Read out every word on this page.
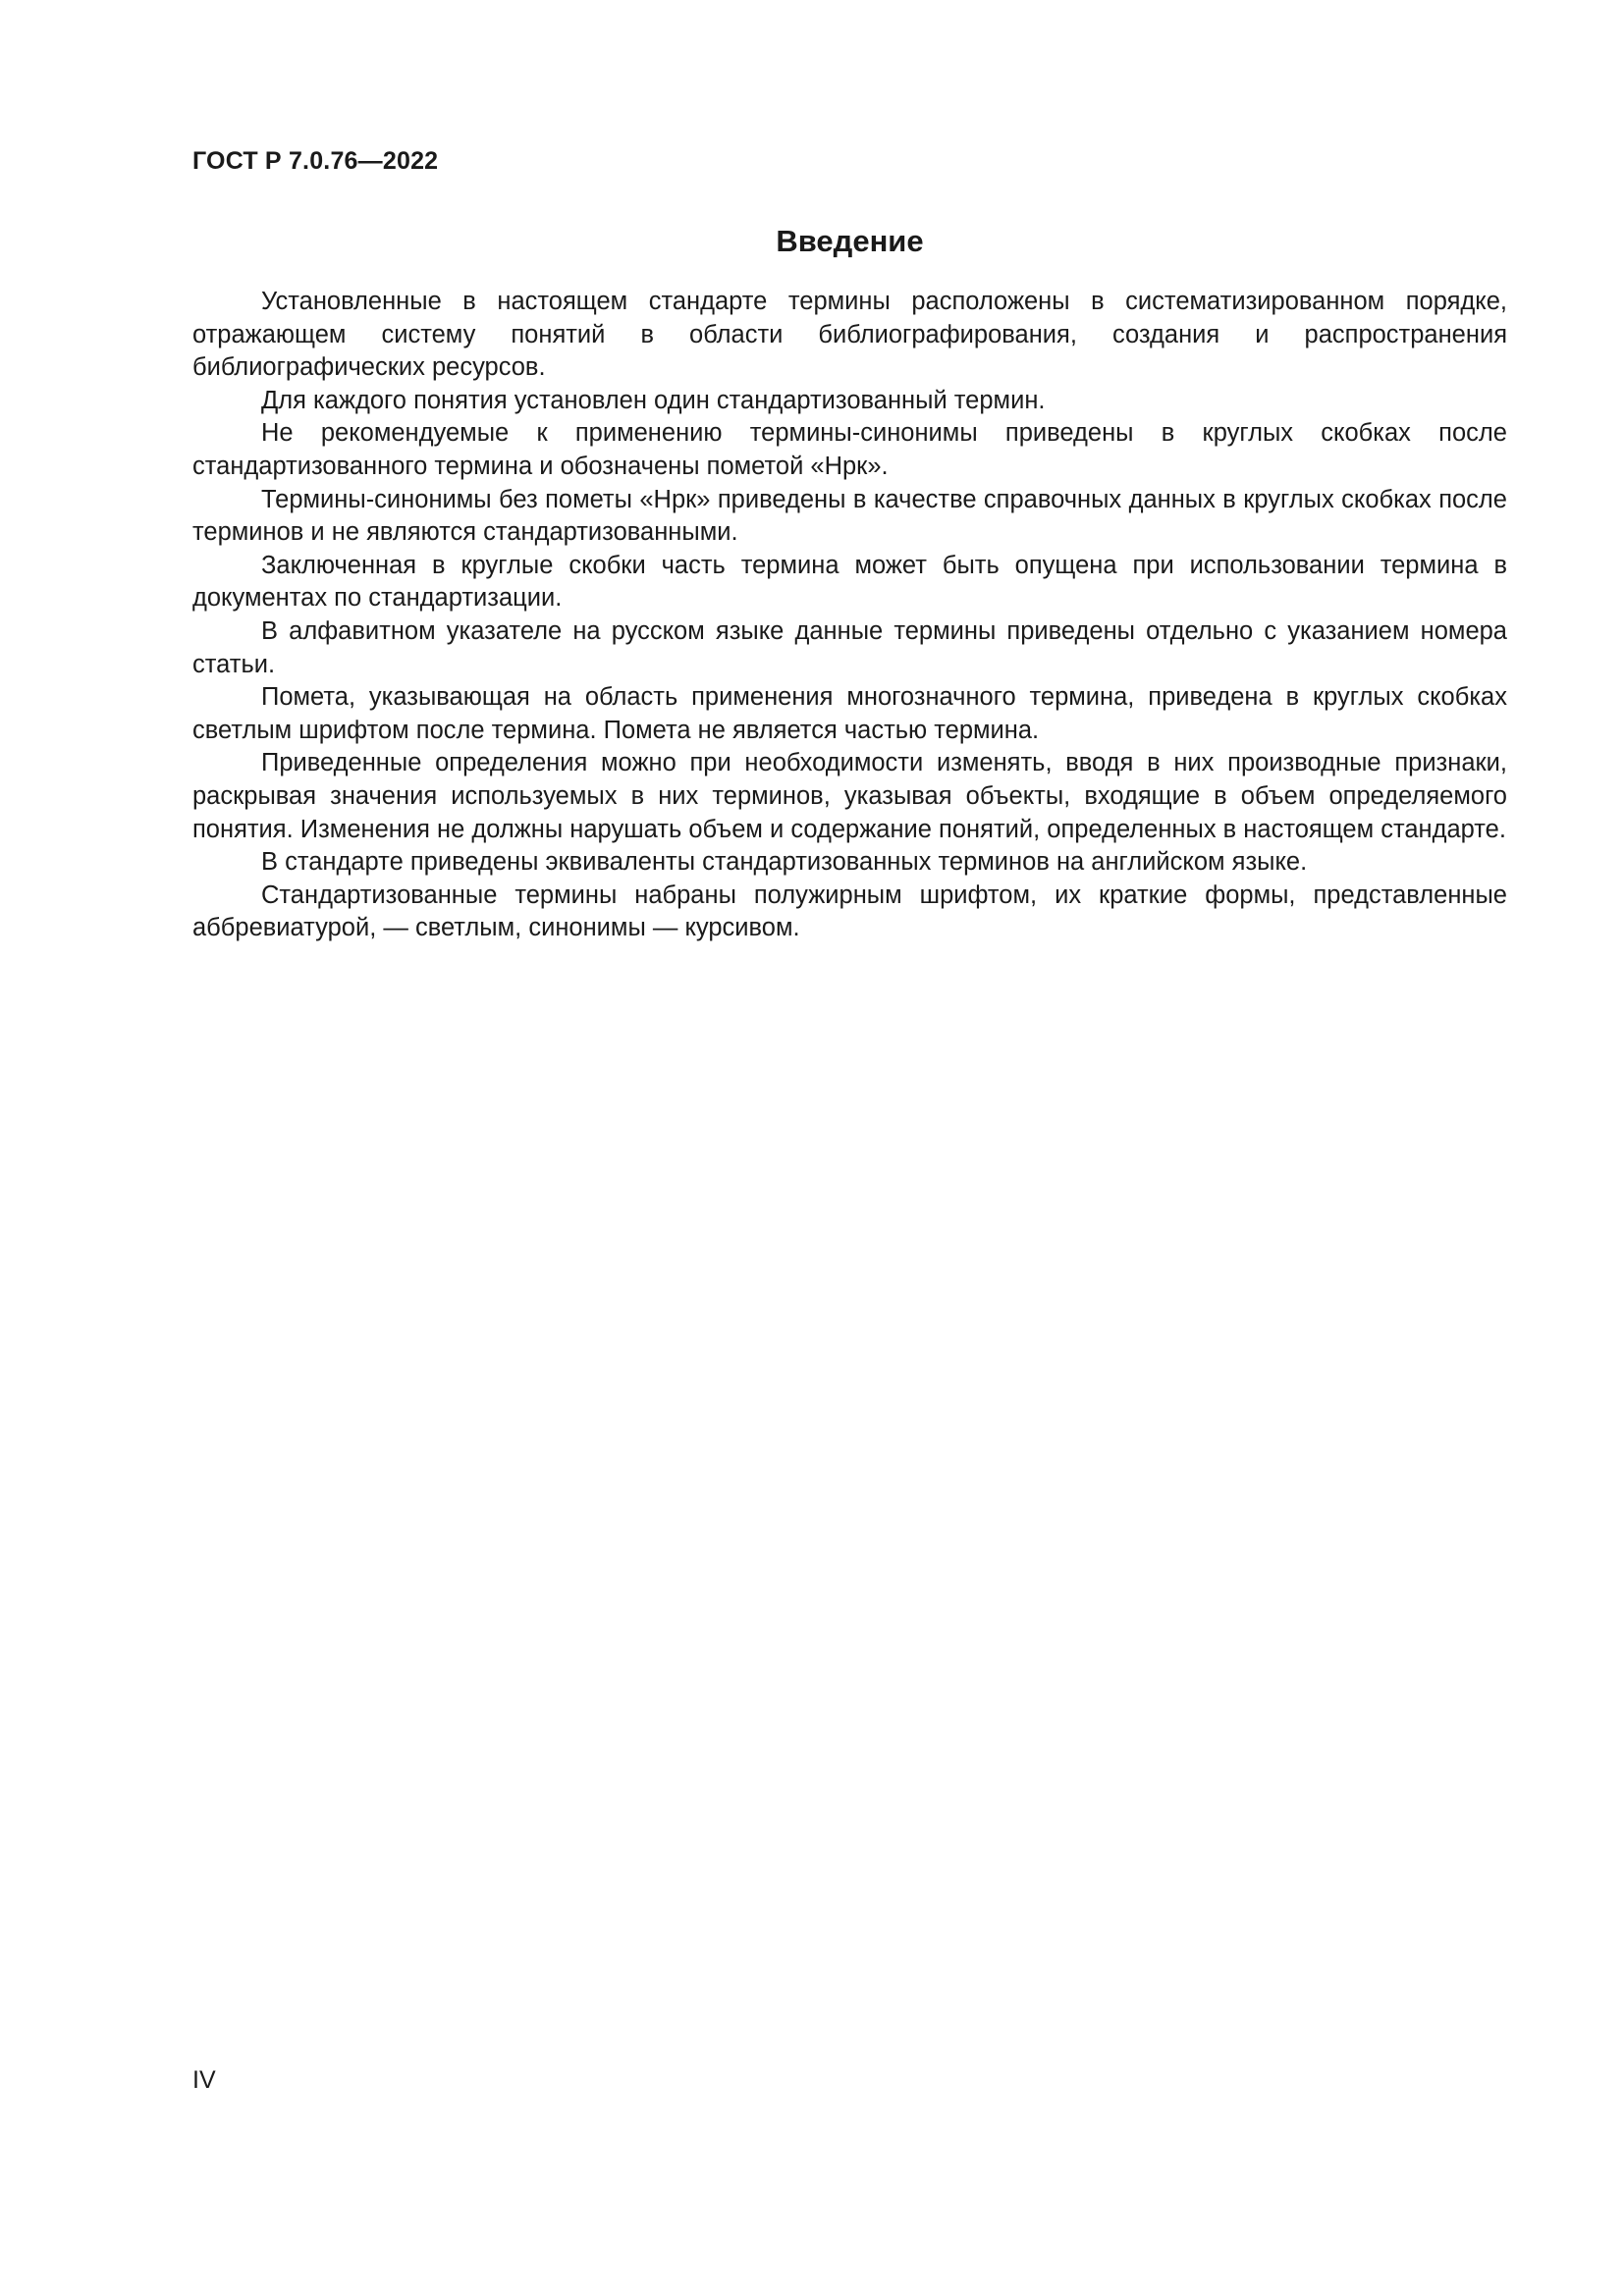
ГОСТ Р 7.0.76—2022
Введение

Установленные в настоящем стандарте термины расположены в систематизированном порядке, отражающем систему понятий в области библиографирования, создания и распространения библиографических ресурсов.

Для каждого понятия установлен один стандартизованный термин.

Не рекомендуемые к применению термины-синонимы приведены в круглых скобках после стандартизованного термина и обозначены пометой «Нрк».

Термины-синонимы без пометы «Нрк» приведены в качестве справочных данных в круглых скобках после терминов и не являются стандартизованными.

Заключенная в круглые скобки часть термина может быть опущена при использовании термина в документах по стандартизации.

В алфавитном указателе на русском языке данные термины приведены отдельно с указанием номера статьи.

Помета, указывающая на область применения многозначного термина, приведена в круглых скобках светлым шрифтом после термина. Помета не является частью термина.

Приведенные определения можно при необходимости изменять, вводя в них производные признаки, раскрывая значения используемых в них терминов, указывая объекты, входящие в объем определяемого понятия. Изменения не должны нарушать объем и содержание понятий, определенных в настоящем стандарте.

В стандарте приведены эквиваленты стандартизованных терминов на английском языке.

Стандартизованные термины набраны полужирным шрифтом, их краткие формы, представленные аббревиатурой, — светлым, синонимы — курсивом.

IV
